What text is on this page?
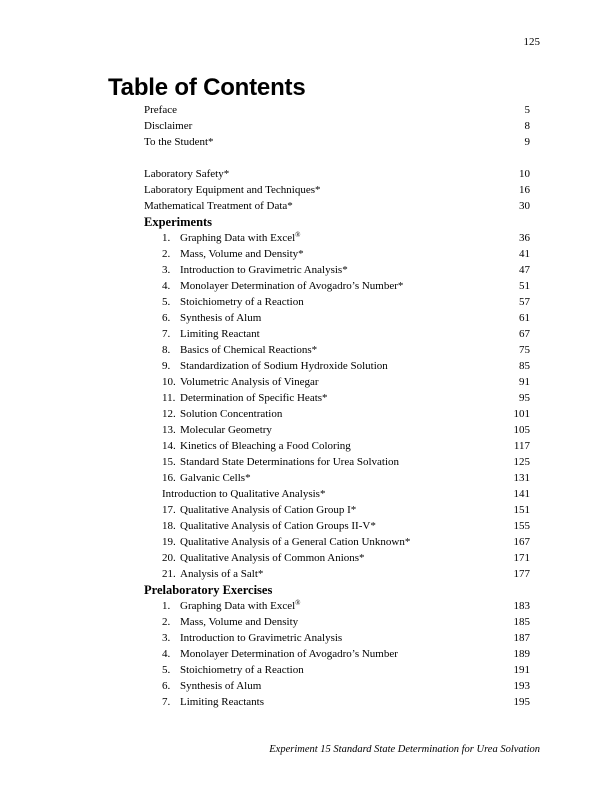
125
Table of Contents
Preface	5
Disclaimer	8
To the Student*	9
Laboratory Safety*	10
Laboratory Equipment and Techniques*	16
Mathematical Treatment of Data*	30
Experiments
1. Graphing Data with Excel®	36
2. Mass, Volume and Density*	41
3. Introduction to Gravimetric Analysis*	47
4. Monolayer Determination of Avogadro’s Number*	51
5. Stoichiometry of a Reaction	57
6. Synthesis of Alum	61
7. Limiting Reactant	67
8. Basics of Chemical Reactions*	75
9. Standardization of Sodium Hydroxide Solution	85
10. Volumetric Analysis of Vinegar	91
11. Determination of Specific Heats*	95
12. Solution Concentration	101
13. Molecular Geometry	105
14. Kinetics of Bleaching a Food Coloring	117
15. Standard State Determinations for Urea Solvation	125
16. Galvanic Cells*	131
Introduction to Qualitative Analysis*	141
17. Qualitative Analysis of Cation Group I*	151
18. Qualitative Analysis of Cation Groups II-V*	155
19. Qualitative Analysis of a General Cation Unknown*	167
20. Qualitative Analysis of Common Anions*	171
21. Analysis of a Salt*	177
Prelaboratory Exercises
1. Graphing Data with Excel®	183
2. Mass, Volume and Density	185
3. Introduction to Gravimetric Analysis	187
4. Monolayer Determination of Avogadro’s Number	189
5. Stoichiometry of a Reaction	191
6. Synthesis of Alum	193
7. Limiting Reactants	195
Experiment 15 Standard State Determination for Urea Solvation
